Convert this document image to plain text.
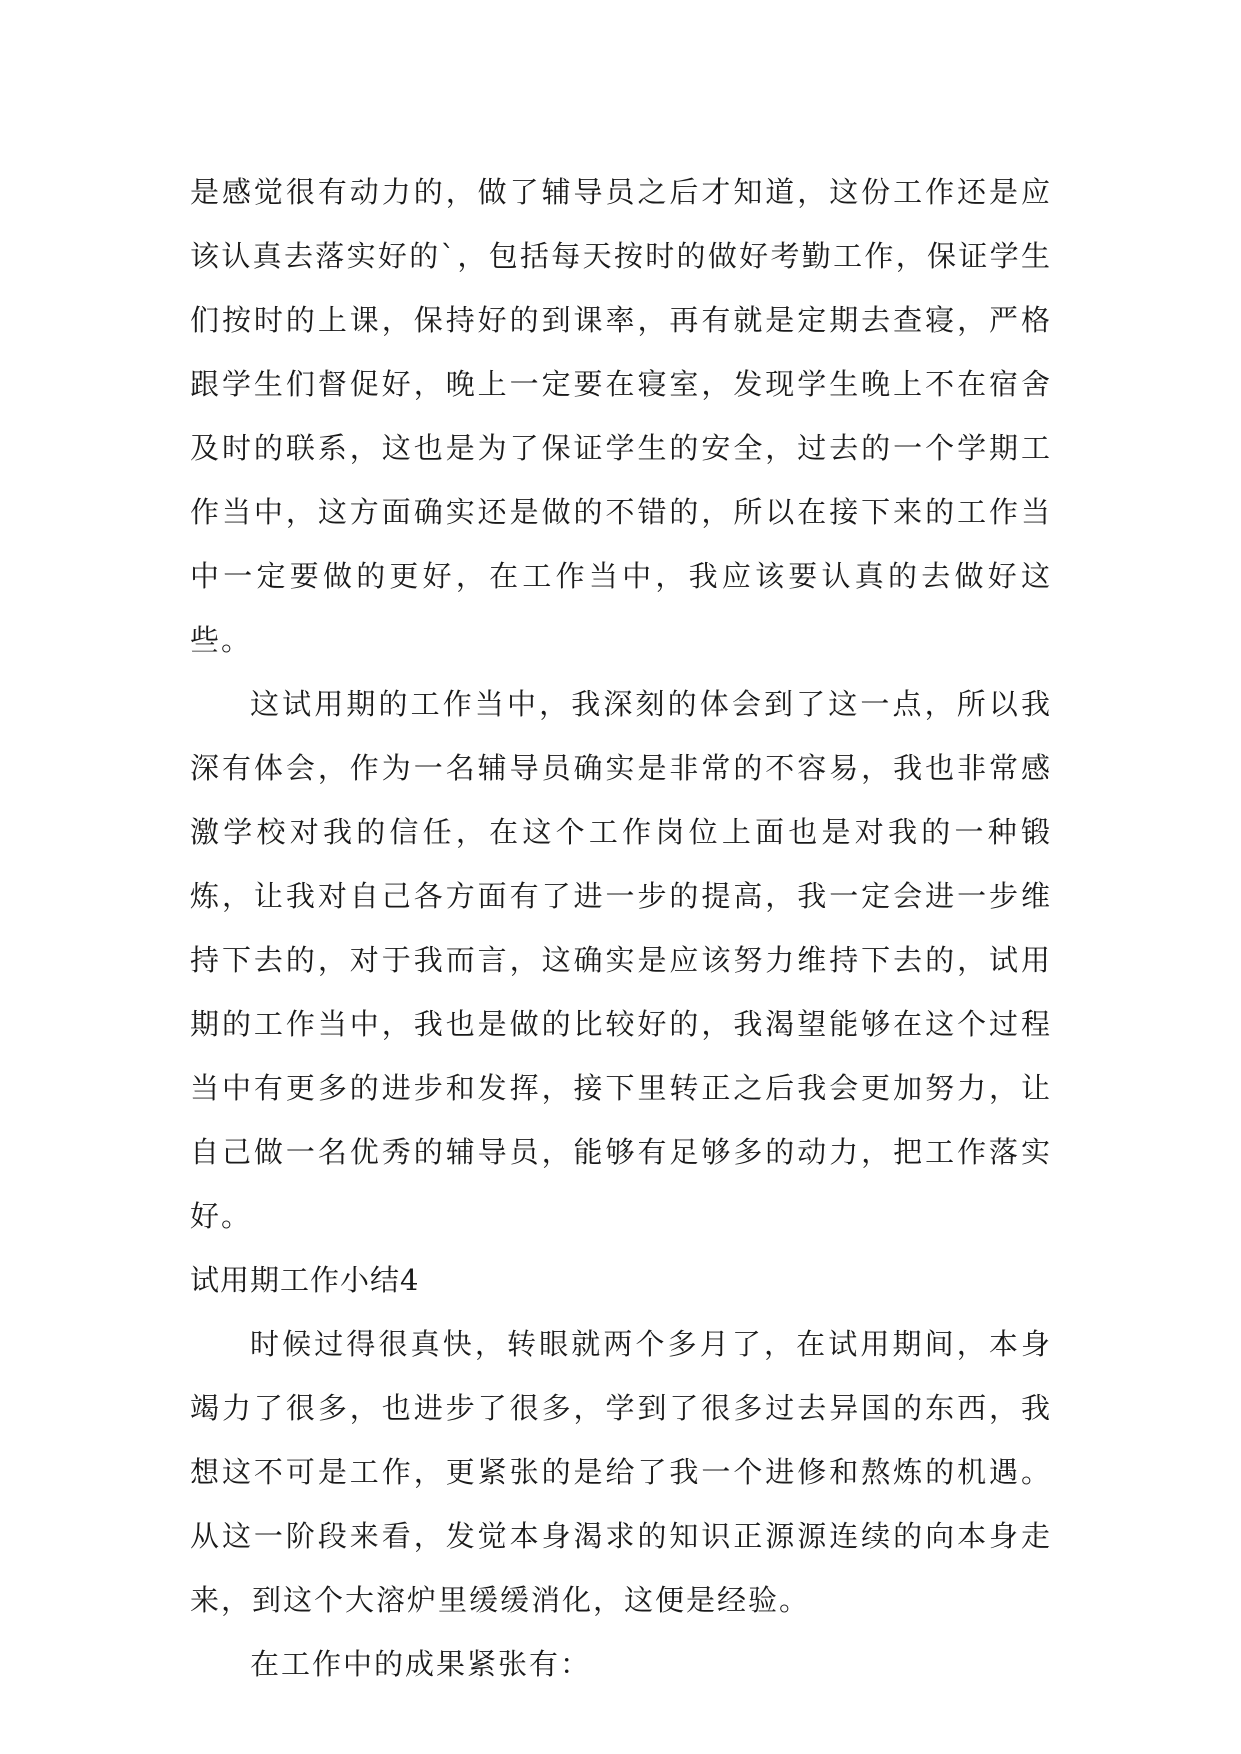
是感觉很有动力的，做了辅导员之后才知道，这份工作还是应该认真去落实好的`，包括每天按时的做好考勤工作，保证学生们按时的上课，保持好的到课率，再有就是定期去查寝，严格跟学生们督促好，晚上一定要在寝室，发现学生晚上不在宿舍及时的联系，这也是为了保证学生的安全，过去的一个学期工作当中，这方面确实还是做的不错的，所以在接下来的工作当中一定要做的更好，在工作当中，我应该要认真的去做好这些。

这试用期的工作当中，我深刻的体会到了这一点，所以我深有体会，作为一名辅导员确实是非常的不容易，我也非常感激学校对我的信任，在这个工作岗位上面也是对我的一种锻炼，让我对自己各方面有了进一步的提高，我一定会进一步维持下去的，对于我而言，这确实是应该努力维持下去的，试用期的工作当中，我也是做的比较好的，我渴望能够在这个过程当中有更多的进步和发挥，接下里转正之后我会更加努力，让自己做一名优秀的辅导员，能够有足够多的动力，把工作落实好。

试用期工作小结4

时候过得很真快，转眼就两个多月了，在试用期间，本身竭力了很多，也进步了很多，学到了很多过去异国的东西，我想这不可是工作，更紧张的是给了我一个进修和熬炼的机遇。从这一阶段来看，发觉本身渴求的知识正源源连续的向本身走来，到这个大溶炉里缓缓消化，这便是经验。

在工作中的成果紧张有：
